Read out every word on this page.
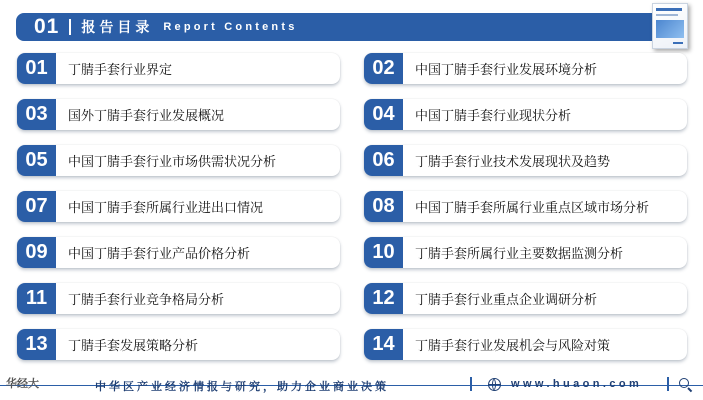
01 报告目录 Report Contents
01	丁腈手套行业界定	02	中国丁腈手套行业发展环境分析
03	国外丁腈手套行业发展概况	04	中国丁腈手套行业现状分析
05	中国丁腈手套行业市场供需状况分析	06	丁腈手套行业技术发展现状及趋势
07	中国丁腈手套所属行业进出口情况	08	中国丁腈手套所属行业重点区域市场分析
09	中国丁腈手套行业产品价格分析	10	丁腈手套所属行业主要数据监测分析
11	丁腈手套行业竞争格局分析	12	丁腈手套行业重点企业调研分析
13	丁腈手套发展策略分析	14	丁腈手套行业发展机会与风险对策
华经大	中华区产业经济情报与研究，助力企业商业决策	www.huaon.com
